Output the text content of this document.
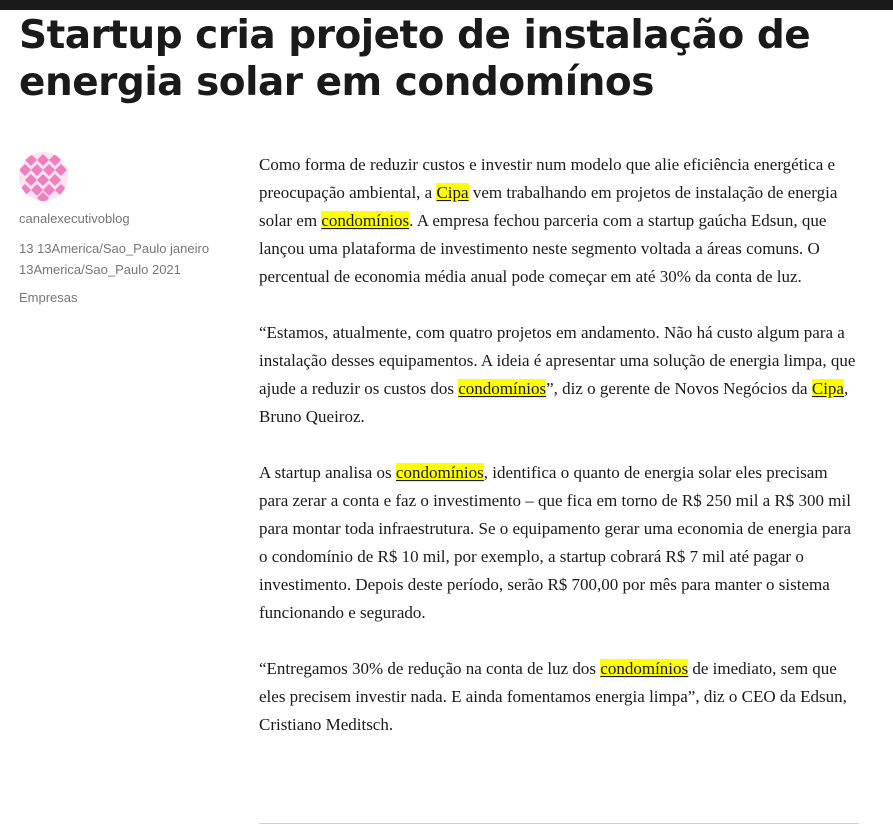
Startup cria projeto de instalação de energia solar em condomínos
canalexecutivoblog
13 13America/Sao_Paulo janeiro 13America/Sao_Paulo 2021
Empresas

Como forma de reduzir custos e investir num modelo que alie eficiência energética e preocupação ambiental, a Cipa vem trabalhando em projetos de instalação de energia solar em condomínios. A empresa fechou parceria com a startup gaúcha Edsun, que lançou uma plataforma de investimento neste segmento voltada a áreas comuns. O percentual de economia média anual pode começar em até 30% da conta de luz.

“Estamos, atualmente, com quatro projetos em andamento. Não há custo algum para a instalação desses equipamentos. A ideia é apresentar uma solução de energia limpa, que ajude a reduzir os custos dos condomínios”, diz o gerente de Novos Negócios da Cipa, Bruno Queiroz.

A startup analisa os condomínios, identifica o quanto de energia solar eles precisam para zerar a conta e faz o investimento – que fica em torno de R$ 250 mil a R$ 300 mil para montar toda infraestrutura. Se o equipamento gerar uma economia de energia para o condomínio de R$ 10 mil, por exemplo, a startup cobrará R$ 7 mil até pagar o investimento. Depois deste período, serão R$ 700,00 por mês para manter o sistema funcionando e segurado.

“Entregamos 30% de redução na conta de luz dos condomínios de imediato, sem que eles precisem investir nada. E ainda fomentamos energia limpa”, diz o CEO da Edsun, Cristiano Meditsch.
